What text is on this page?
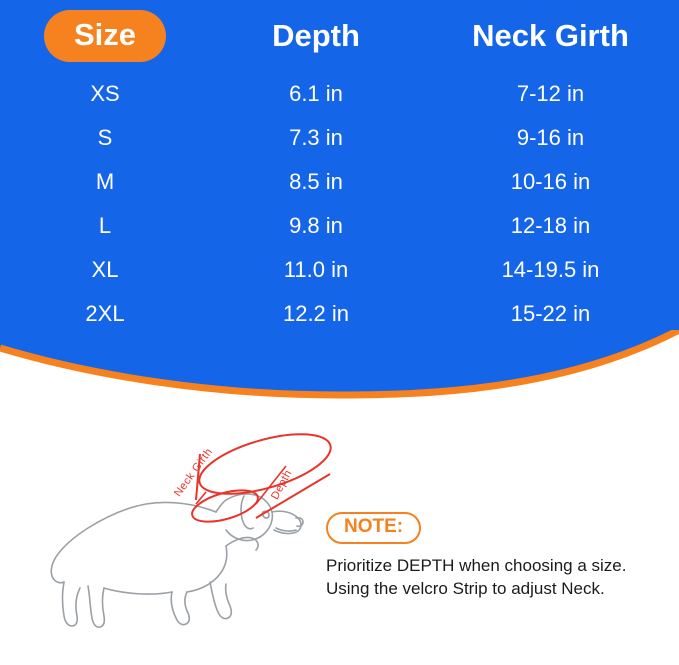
Size	Depth	Neck Girth
XS	6.1 in	7-12 in
S	7.3 in	9-16 in
M	8.5 in	10-16 in
L	9.8 in	12-18 in
XL	11.0 in	14-19.5 in
2XL	12.2 in	15-22 in
Neck Girth	Depth
NOTE:
Prioritize DEPTH when choosing a size.
Using the velcro Strip to adjust Neck.
